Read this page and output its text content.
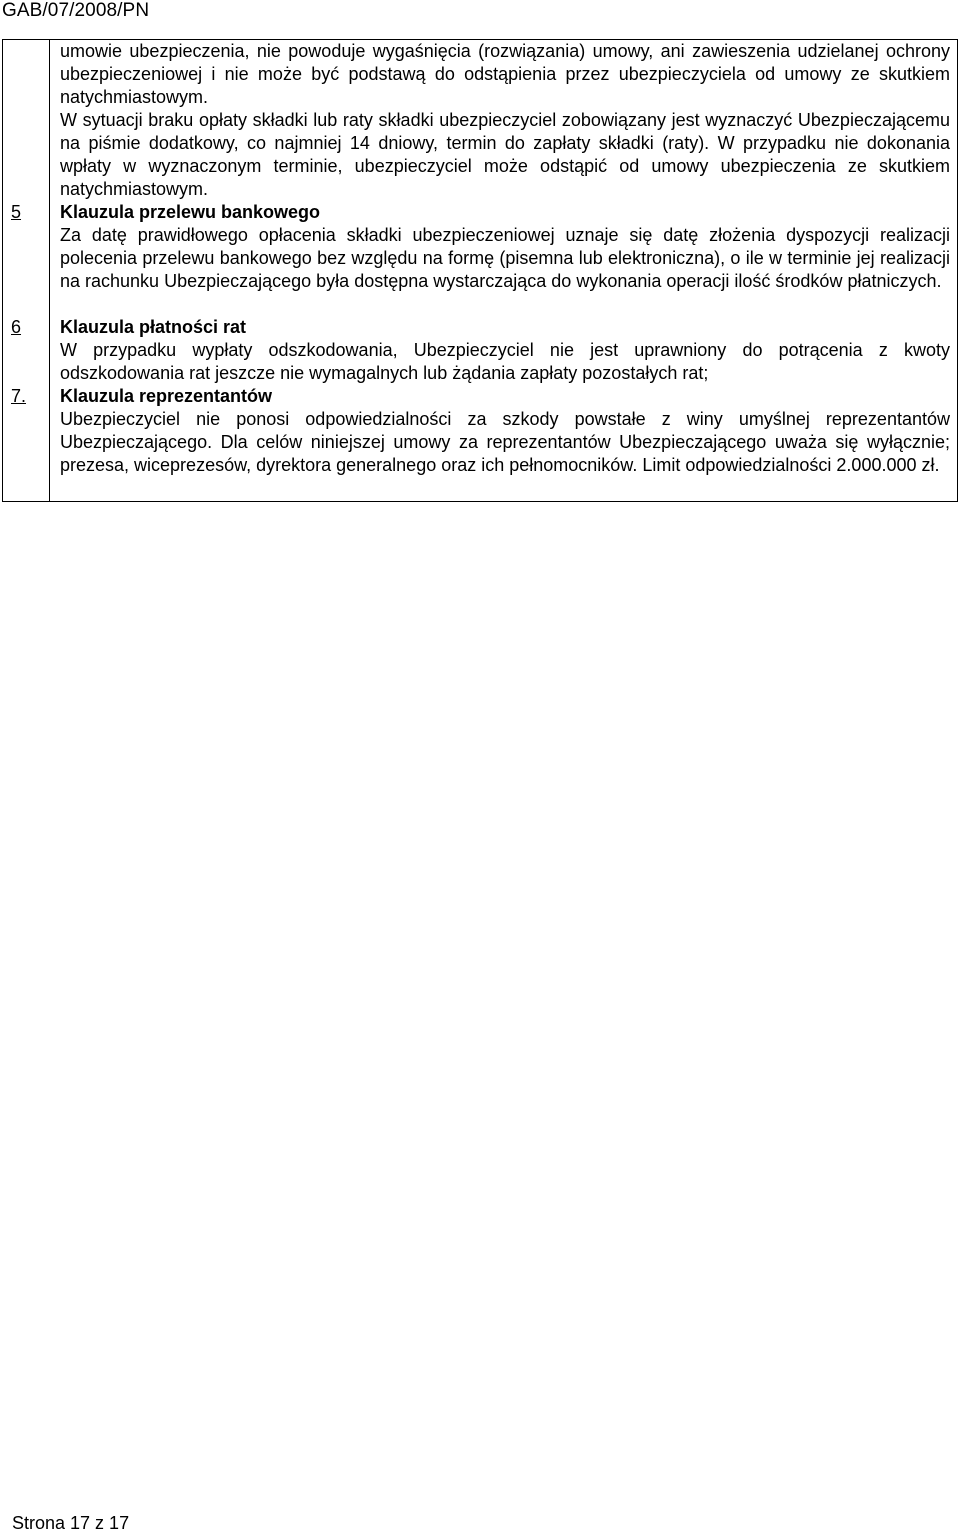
GAB/07/2008/PN

umowie ubezpieczenia, nie powoduje wygaśnięcia (rozwiązania) umowy, ani zawieszenia udzielanej ochrony ubezpieczeniowej i nie może być podstawą do odstąpienia przez ubezpieczyciela od umowy ze skutkiem natychmiastowym.

W sytuacji braku opłaty składki lub raty składki ubezpieczyciel zobowiązany jest wyznaczyć Ubezpieczającemu na piśmie dodatkowy, co najmniej 14 dniowy, termin do zapłaty składki (raty). W przypadku nie dokonania wpłaty w wyznaczonym terminie, ubezpieczyciel może odstąpić od umowy ubezpieczenia ze skutkiem natychmiastowym.

5 Klauzula przelewu bankowego

Za datę prawidłowego opłacenia składki ubezpieczeniowej uznaje się datę złożenia dyspozycji realizacji polecenia przelewu bankowego bez względu na formę (pisemna lub elektroniczna), o ile w terminie jej realizacji na rachunku Ubezpieczającego była dostępna wystarczająca do wykonania operacji ilość środków płatniczych.

6 Klauzula płatności rat

W przypadku wypłaty odszkodowania, Ubezpieczyciel nie jest uprawniony do potrącenia z kwoty odszkodowania rat jeszcze nie wymagalnych lub żądania zapłaty pozostałych rat;

7. Klauzula reprezentantów

Ubezpieczyciel nie ponosi odpowiedzialności za szkody powstałe z winy umyślnej reprezentantów Ubezpieczającego. Dla celów niniejszej umowy za reprezentantów Ubezpieczającego uważa się wyłącznie; prezesa, wiceprezesów, dyrektora generalnego oraz ich pełnomocników. Limit odpowiedzialności 2.000.000 zł.

Strona 17 z 17
